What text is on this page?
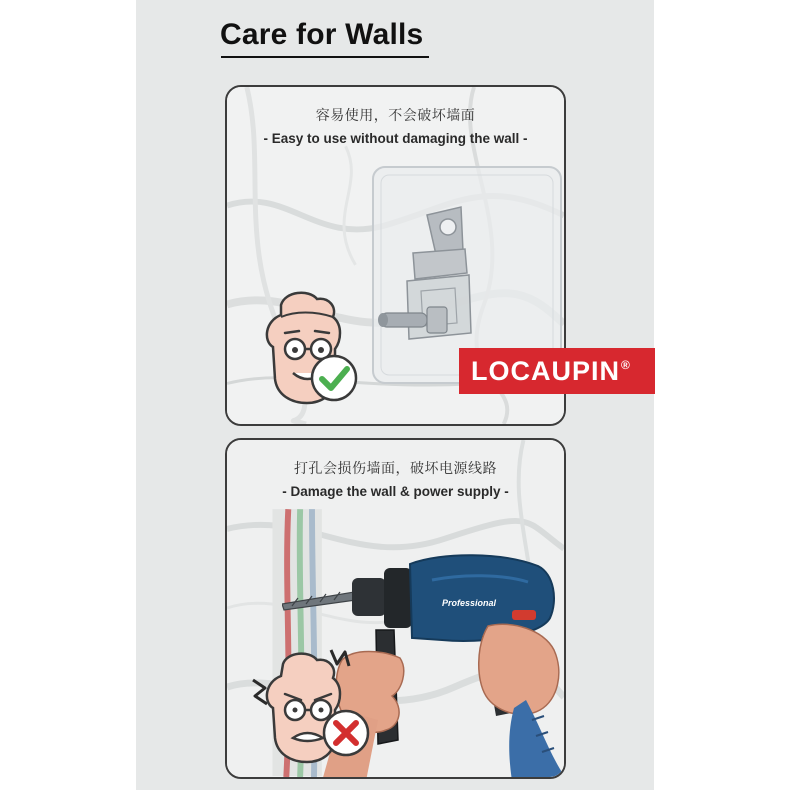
Care for Walls
容易使用，不会破坏墙面
- Easy to use without damaging the wall -
LOCAUPIN®
打孔会损伤墙面，破坏电源线路
- Damage the wall & power supply -
Professional
